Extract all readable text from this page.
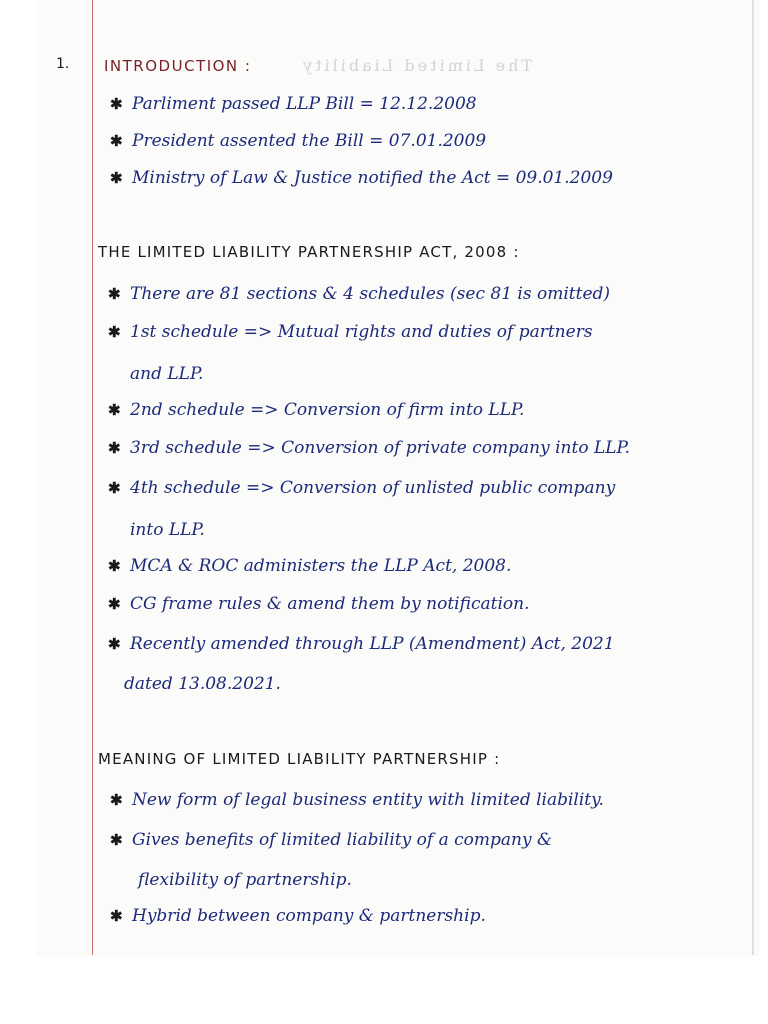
1.	The Limited Liability
INTRODUCTION :
✱ Parliment passed LLP Bill = 12.12.2008
✱ President assented the Bill = 07.01.2009
✱ Ministry of Law & Justice notified the Act = 09.01.2009
THE LIMITED LIABILITY PARTNERSHIP ACT, 2008 :
✱ There are 81 sections & 4 schedules (sec 81 is omitted)
✱ 1st schedule => Mutual rights and duties of partners
and LLP.
✱ 2nd schedule => Conversion of firm into LLP.
✱ 3rd schedule => Conversion of private company into LLP.
✱ 4th schedule => Conversion of unlisted public company
into LLP.
✱ MCA & ROC administers the LLP Act, 2008.
✱ CG frame rules & amend them by notification.
✱ Recently amended through LLP (Amendment) Act, 2021
dated 13.08.2021.
MEANING OF LIMITED LIABILITY PARTNERSHIP :
✱ New form of legal business entity with limited liability.
✱ Gives benefits of limited liability of a company &
flexibility of partnership.
✱ Hybrid between company & partnership.
